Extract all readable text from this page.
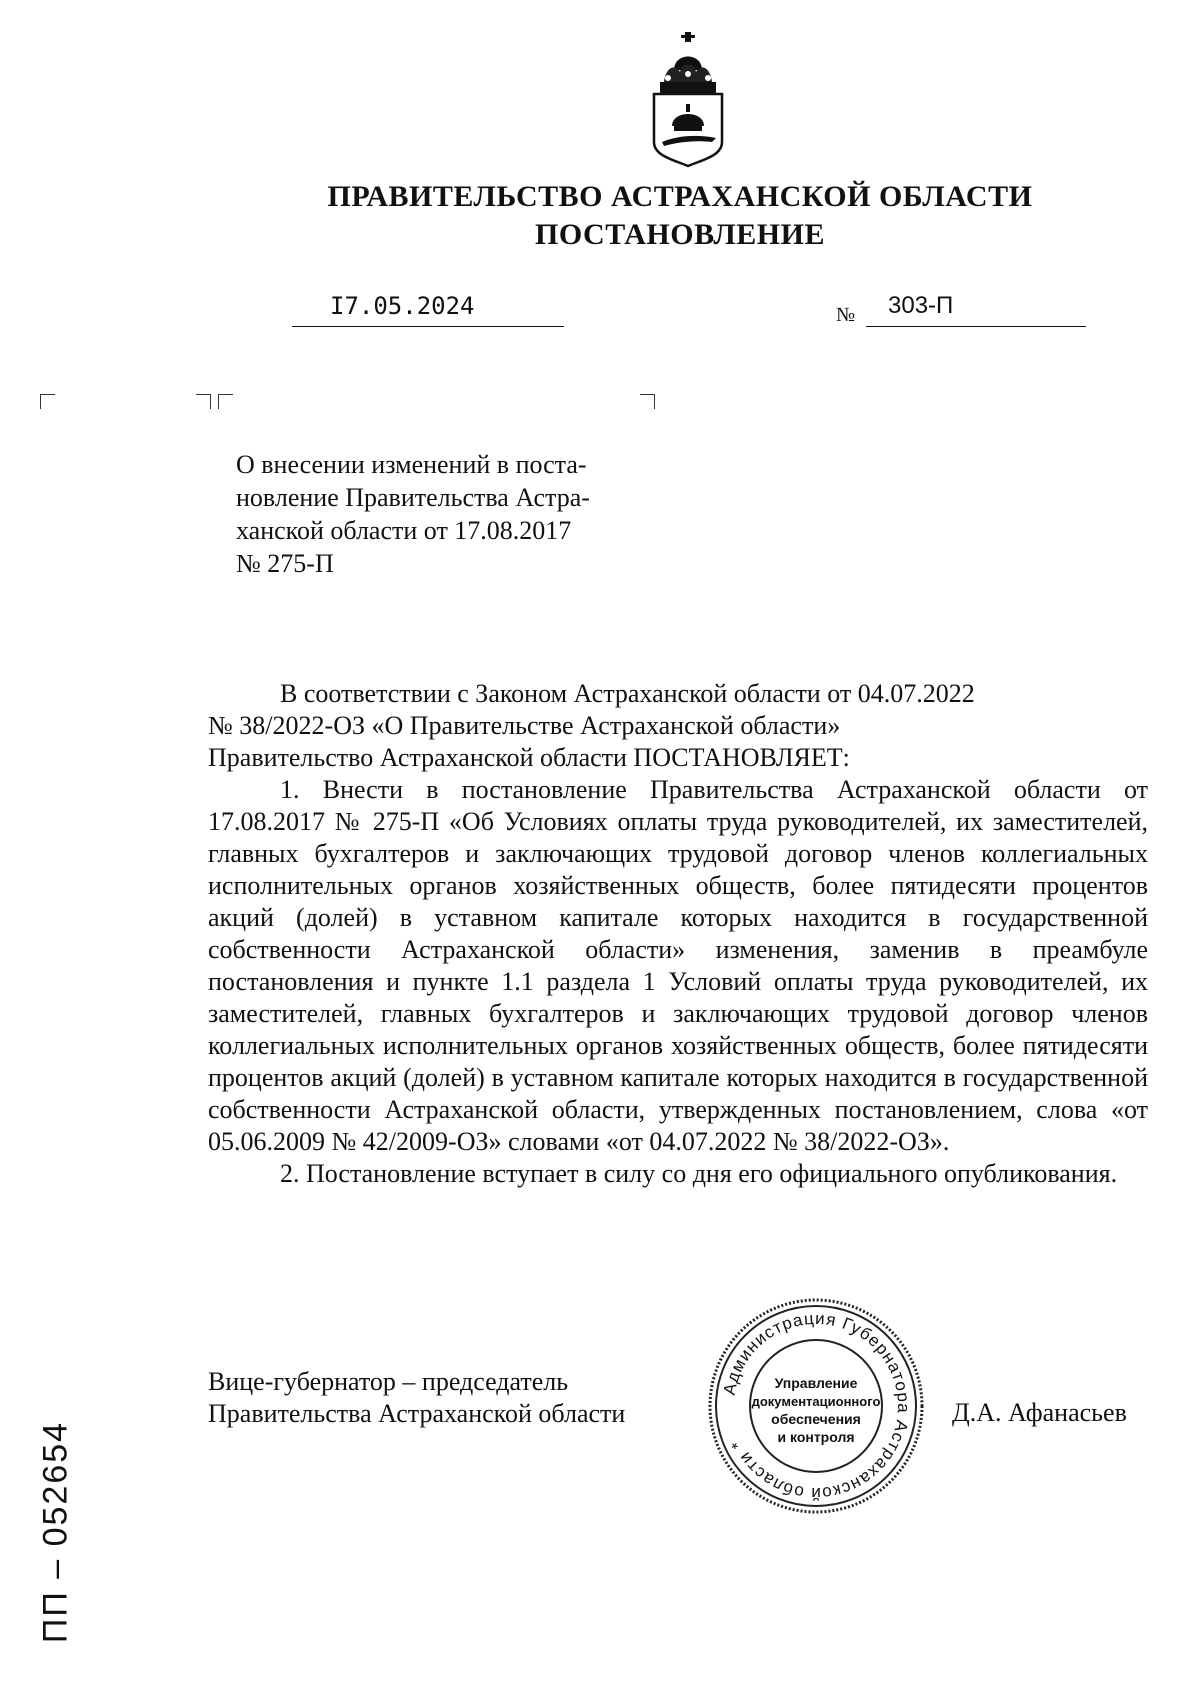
ПРАВИТЕЛЬСТВО АСТРАХАНСКОЙ ОБЛАСТИ
ПОСТАНОВЛЕНИЕ
I7.05.2024	№ 303-П

О внесении изменений в поста-

новление Правительства Астра-

ханской области от 17.08.2017

№ 275-П

В соответствии с Законом Астраханской области от 04.07.2022

№ 38/2022-ОЗ «О Правительстве Астраханской области»

Правительство Астраханской области ПОСТАНОВЛЯЕТ:

1. Внести в постановление Правительства Астраханской области от 17.08.2017 № 275-П «Об Условиях оплаты труда руководителей, их заместителей, главных бухгалтеров и заключающих трудовой договор членов коллегиальных исполнительных органов хозяйственных обществ, более пятидесяти процентов акций (долей) в уставном капитале которых находится в государственной собственности Астраханской области» изменения, заменив в преамбуле постановления и пункте 1.1 раздела 1 Условий оплаты труда руководителей, их заместителей, главных бухгалтеров и заключающих трудовой договор членов коллегиальных исполнительных органов хозяйственных обществ, более пятидесяти процентов акций (долей) в уставном капитале которых находится в государственной собственности Астраханской области, утвержденных постановлением, слова «от 05.06.2009 № 42/2009-ОЗ» словами «от 04.07.2022 № 38/2022-ОЗ».

2. Постановление вступает в силу со дня его официального опубликования.

Вице-губернатор – председатель
Правительства Астраханской области	Д.А. Афанасьев
Администрация Губернатора Астраханской области *
Управление
документационного
обеспечения
и контроля
ПП – 052654
